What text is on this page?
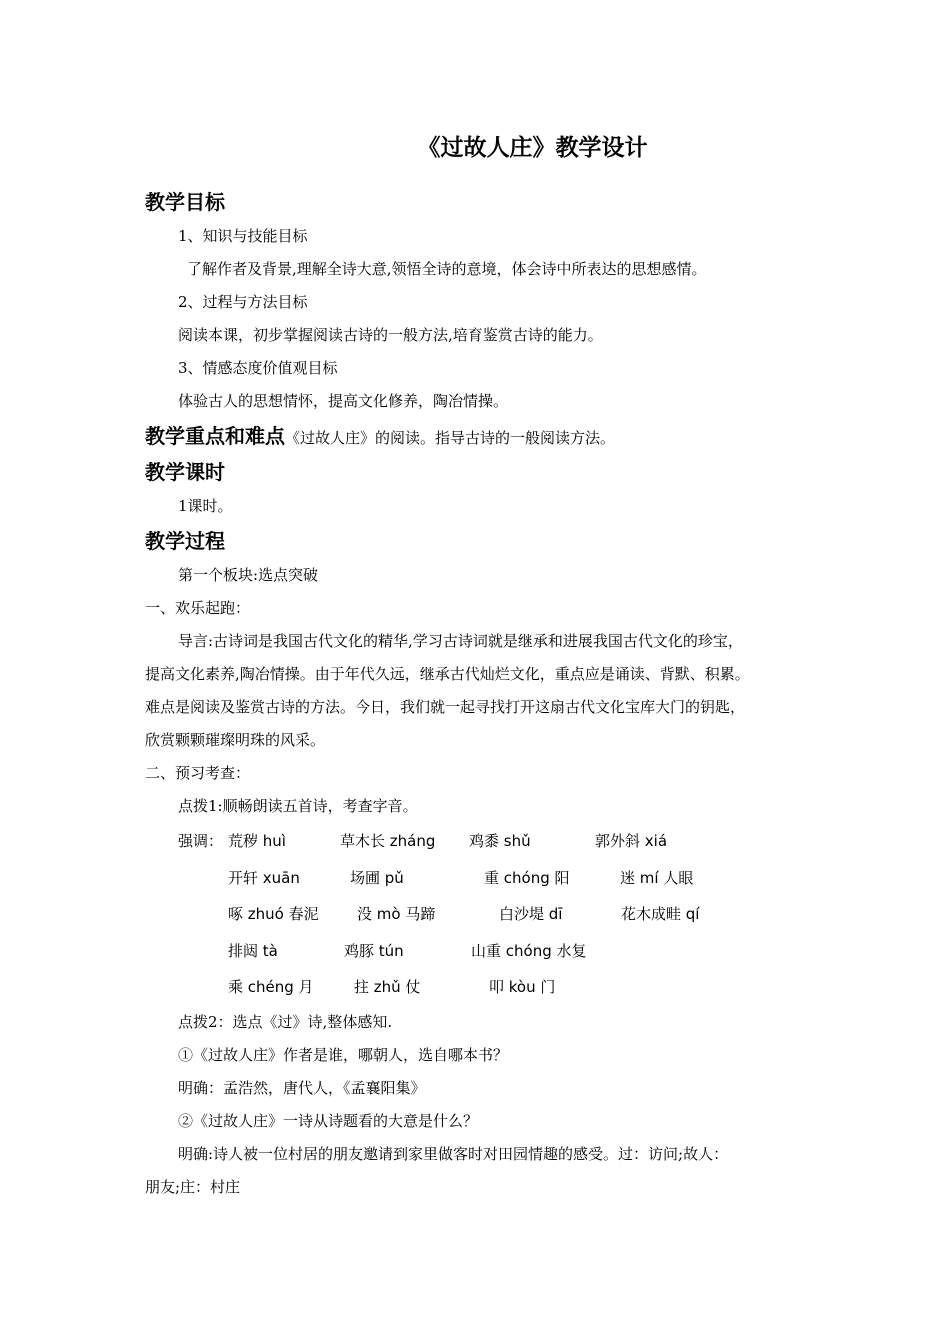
《过故人庄》教学设计
教学目标
1、知识与技能目标
了解作者及背景,理解全诗大意,领悟全诗的意境，体会诗中所表达的思想感情。
2、过程与方法目标
阅读本课，初步掌握阅读古诗的一般方法,培育鉴赏古诗的能力。
3、情感态度价值观目标
体验古人的思想情怀，提高文化修养，陶冶情操。
教学重点和难点《过故人庄》的阅读。指导古诗的一般阅读方法。
教学课时
1课时。
教学过程
第一个板块:选点突破
一、欢乐起跑：
导言:古诗词是我国古代文化的精华,学习古诗词就是继承和进展我国古代文化的珍宝，
提高文化素养,陶冶情操。由于年代久远，继承古代灿烂文化，重点应是诵读、背默、积累。
难点是阅读及鉴赏古诗的方法。今日，我们就一起寻找打开这扇古代文化宝库大门的钥匙，
欣赏颗颗璀璨明珠的风采。
二、预习考查：
点拨1:顺畅朗读五首诗，考查字音。
强调： 荒秽 huì	草木长 zháng 鸡黍 shǔ	郭外斜 xiá
开轩 xuān	场圃 pǔ	重 chóng 阳	迷 mí 人眼
啄 zhuó 春泥	没 mò 马蹄	白沙堤 dī	花木成畦 qí
排闼 tà	鸡豚 tún	山重 chóng 水复
乘 chéng 月	拄 zhǔ 仗	叩 kòu 门
点拨2：选点《过》诗,整体感知.
①《过故人庄》作者是谁，哪朝人，选自哪本书？
明确：孟浩然，唐代人，《孟襄阳集》
②《过故人庄》一诗从诗题看的大意是什么？
明确:诗人被一位村居的朋友邀请到家里做客时对田园情趣的感受。过：访问;故人：
朋友;庄：村庄
